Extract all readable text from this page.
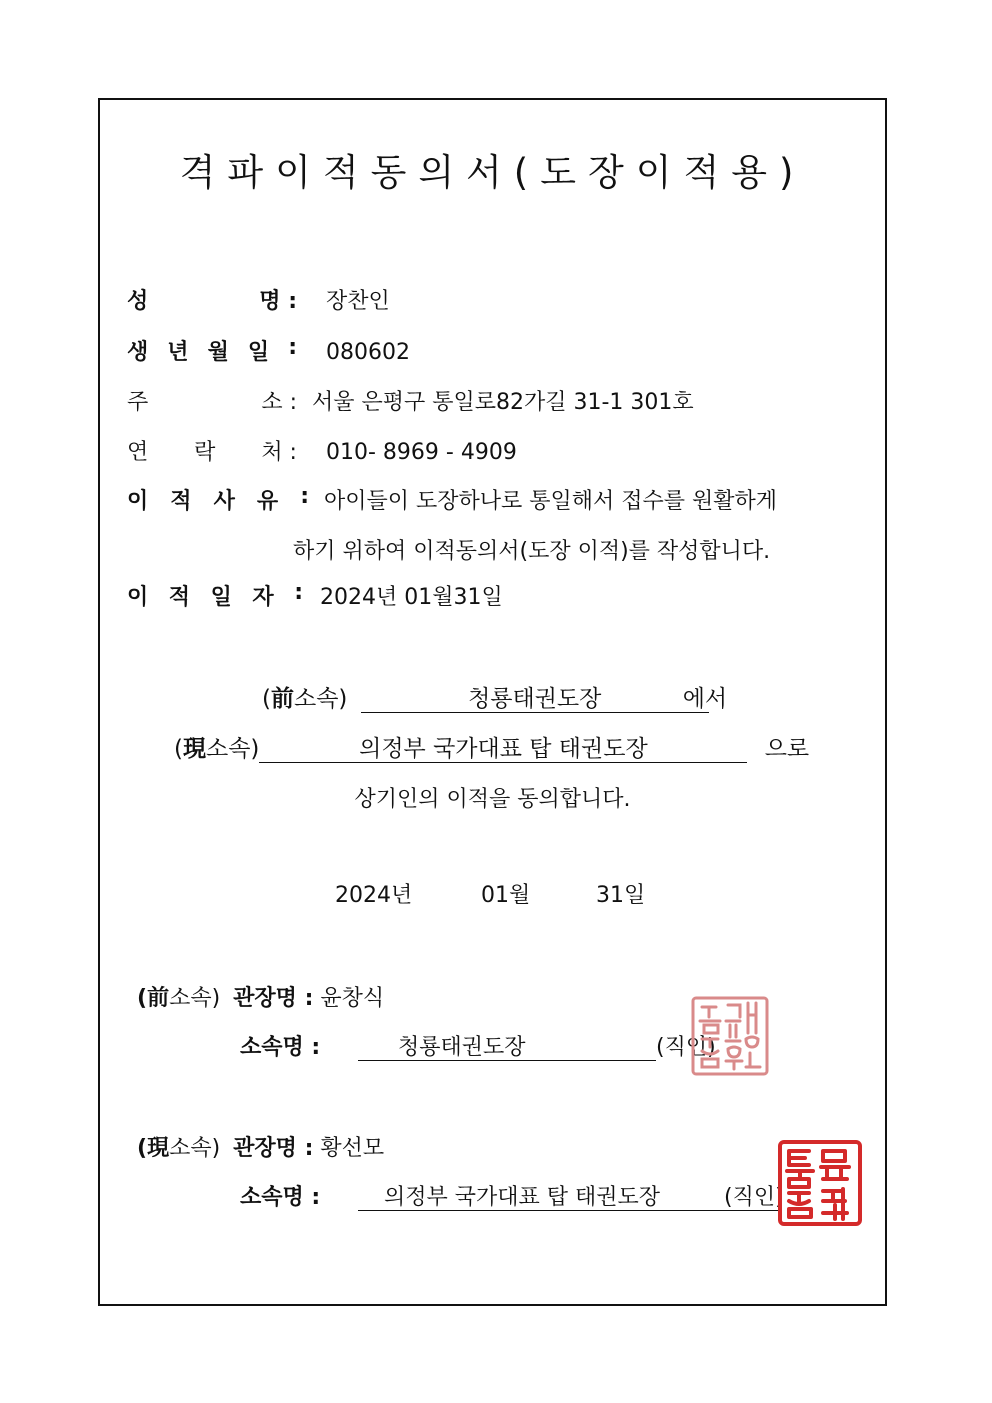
격파이적동의서(도장이적용)
성	명 : 장찬인
생 년 월 일 : 080602
주	소 : 서울 은평구 통일로82가길 31-1 301호
연 락 처 : 010- 8969 - 4909
이 적 사 유 : 아이들이 도장하나로 통일해서 접수를 원활하게
하기 위하여 이적동의서(도장 이적)를 작성합니다.
이 적 일 자 : 2024년 01월31일
(前소속)	청룡태권도장	에서
(現소속)	의정부 국가대표 탑 태권도장	으로
상기인의 이적을 동의합니다.
2024년	01월	31일
(前소속) 관장명 : 윤창식
소속명 :	청룡태권도장	(직인)
(現소속) 관장명 : 황선모
소속명 :	의정부 국가대표 탑 태권도장	(직인)
